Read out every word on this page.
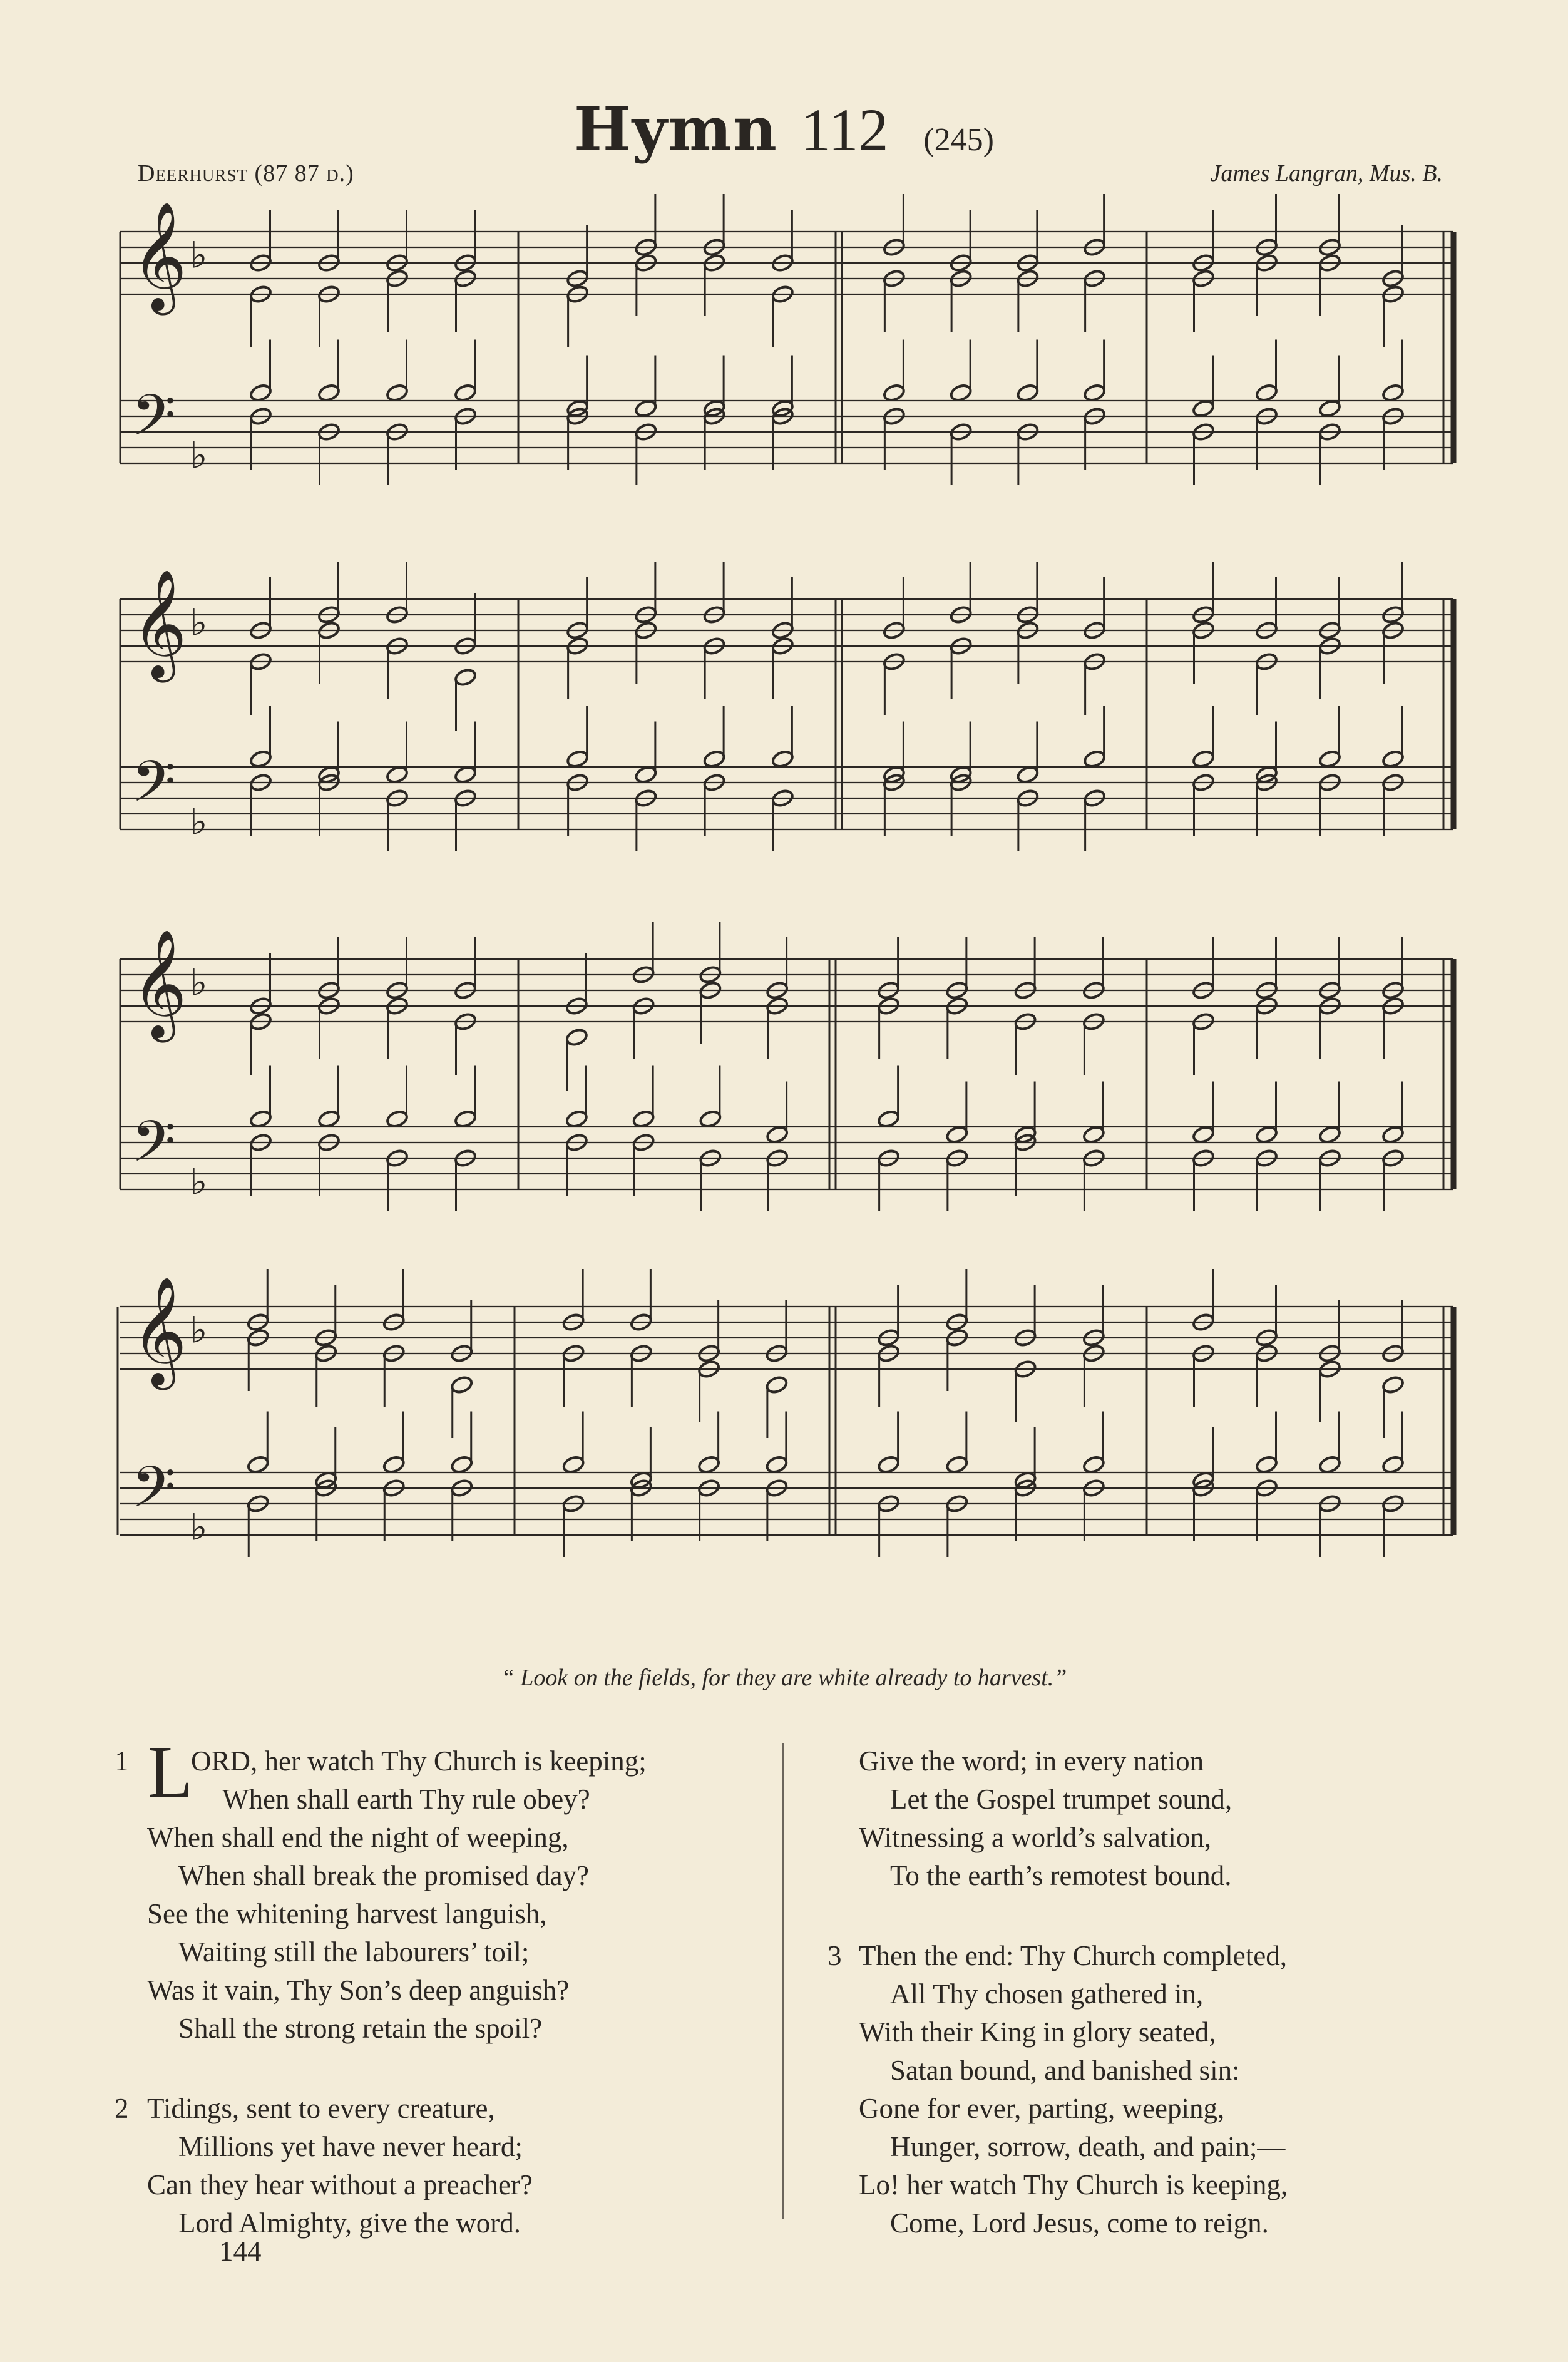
Hymn 112 (245)
Deerhurst (87 87 d.)	James Langran, Mus. B.
𝄞
𝄢
♭
♭
𝄞
𝄢
♭
♭
𝄞
𝄢
♭
♭
𝄞
𝄢
♭
♭
“ Look on the fields, for they are white already to harvest.”
1 L
ORD, her watch Thy Church is keeping;
When shall earth Thy rule obey?
When shall end the night of weeping,
When shall break the promised day?
See the whitening harvest languish,
Waiting still the labourers’ toil;
Was it vain, Thy Son’s deep anguish?
Shall the strong retain the spoil?
2 Tidings, sent to every creature,
Millions yet have never heard;
Can they hear without a preacher?
Lord Almighty, give the word.
Give the word; in every nation
Let the Gospel trumpet sound,
Witnessing a world’s salvation,
To the earth’s remotest bound.
3 Then the end: Thy Church completed,
All Thy chosen gathered in,
With their King in glory seated,
Satan bound, and banished sin:
Gone for ever, parting, weeping,
Hunger, sorrow, death, and pain;—
Lo! her watch Thy Church is keeping,
Come, Lord Jesus, come to reign.
144
